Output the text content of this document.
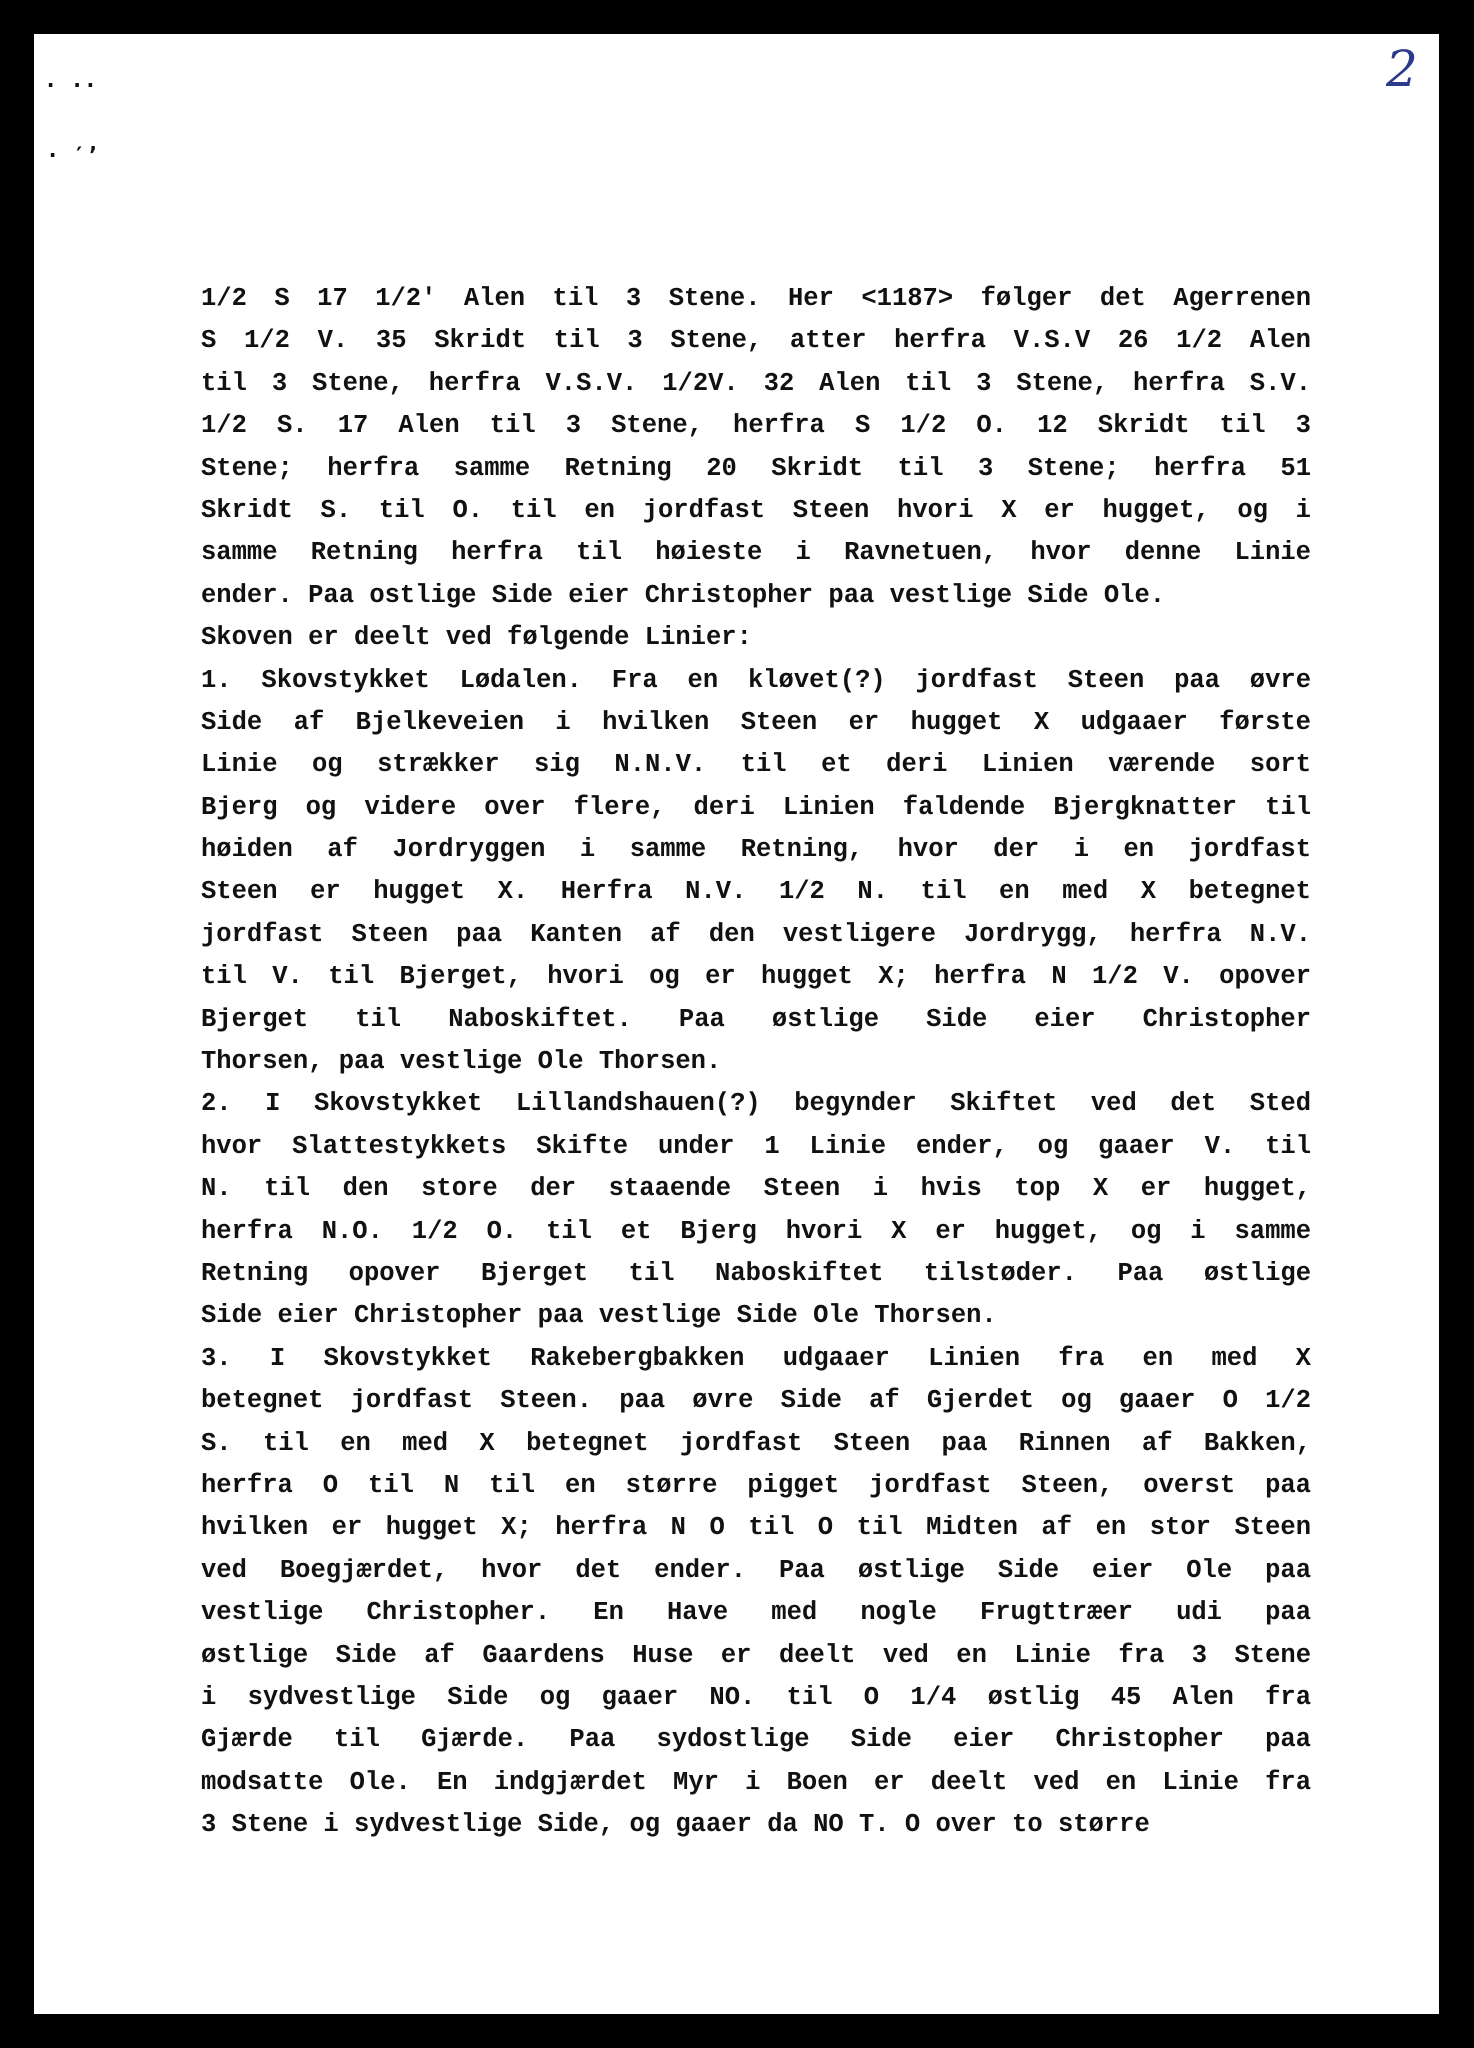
2
· ··
· ′’
1/2 S 17 1/2' Alen til 3 Stene. Her <1187> følger det Agerrenen
S 1/2 V. 35 Skridt til 3 Stene, atter herfra V.S.V 26 1/2 Alen
til 3 Stene, herfra V.S.V. 1/2V. 32 Alen til 3 Stene, herfra S.V.
1/2 S. 17 Alen til 3 Stene, herfra S 1/2 O. 12 Skridt til 3
Stene; herfra samme Retning 20 Skridt til 3 Stene; herfra 51
Skridt S. til O. til en jordfast Steen hvori X er hugget, og i
samme Retning herfra til høieste i Ravnetuen, hvor denne Linie
ender. Paa ostlige Side eier Christopher paa vestlige Side Ole.
Skoven er deelt ved følgende Linier:
1. Skovstykket Lødalen. Fra en kløvet(?) jordfast Steen paa øvre
Side af Bjelkeveien i hvilken Steen er hugget X udgaaer første
Linie og strækker sig N.N.V. til et deri Linien værende sort
Bjerg og videre over flere, deri Linien faldende Bjergknatter til
høiden af Jordryggen i samme Retning, hvor der i en jordfast
Steen er hugget X. Herfra N.V. 1/2 N. til en med X betegnet
jordfast Steen paa Kanten af den vestligere Jordrygg, herfra N.V.
til V. til Bjerget, hvori og er hugget X; herfra N 1/2 V. opover
Bjerget til Naboskiftet. Paa østlige Side eier Christopher
Thorsen, paa vestlige Ole Thorsen.
2. I Skovstykket Lillandshauen(?) begynder Skiftet ved det Sted
hvor Slattestykkets Skifte under 1 Linie ender, og gaaer V. til
N. til den store der staaende Steen i hvis top X er hugget,
herfra N.O. 1/2 O. til et Bjerg hvori X er hugget, og i samme
Retning opover Bjerget til Naboskiftet tilstøder. Paa østlige
Side eier Christopher paa vestlige Side Ole Thorsen.
3. I Skovstykket Rakebergbakken udgaaer Linien fra en med X
betegnet jordfast Steen. paa øvre Side af Gjerdet og gaaer O 1/2
S. til en med X betegnet jordfast Steen paa Rinnen af Bakken,
herfra O til N til en større pigget jordfast Steen, overst paa
hvilken er hugget X; herfra N O til O til Midten af en stor Steen
ved Boegjærdet, hvor det ender. Paa østlige Side eier Ole paa
vestlige Christopher. En Have med nogle Frugttræer udi paa
østlige Side af Gaardens Huse er deelt ved en Linie fra 3 Stene
i sydvestlige Side og gaaer NO. til O 1/4 østlig 45 Alen fra
Gjærde til Gjærde. Paa sydostlige Side eier Christopher paa
modsatte Ole. En indgjærdet Myr i Boen er deelt ved en Linie fra
3 Stene i sydvestlige Side, og gaaer da NO T. O over to større
